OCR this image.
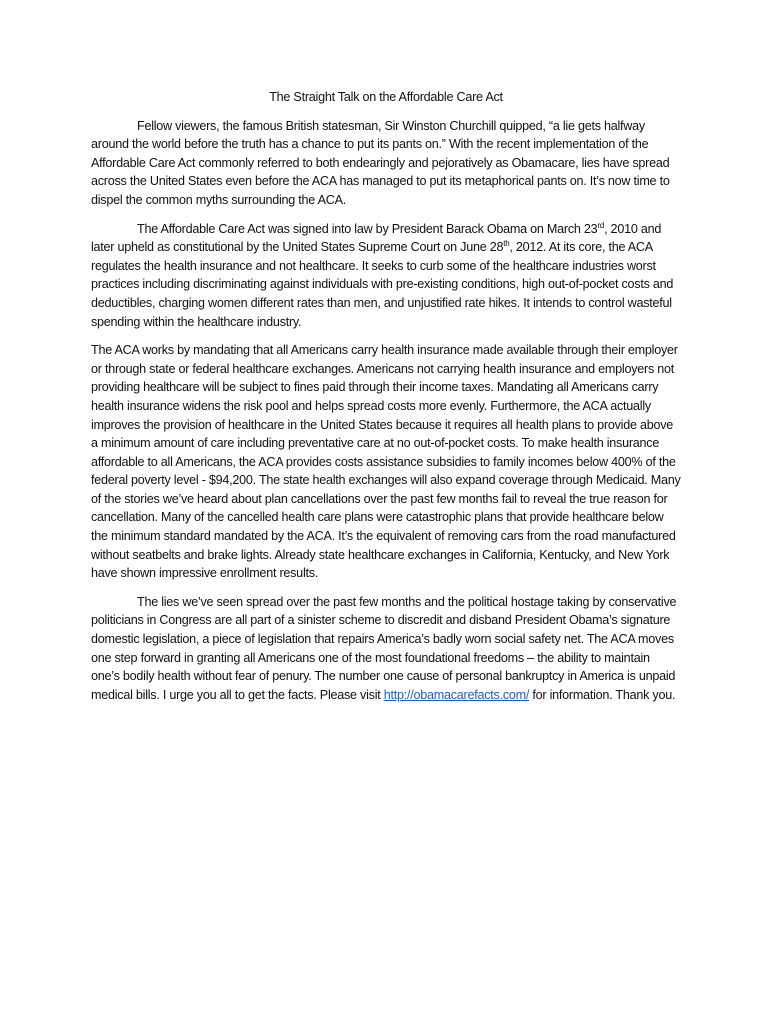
The Straight Talk on the Affordable Care Act

Fellow viewers, the famous British statesman, Sir Winston Churchill quipped, “a lie gets halfway around the world before the truth has a chance to put its pants on.” With the recent implementation of the Affordable Care Act commonly referred to both endearingly and pejoratively as Obamacare, lies have spread across the United States even before the ACA has managed to put its metaphorical pants on. It’s now time to dispel the common myths surrounding the ACA.

The Affordable Care Act was signed into law by President Barack Obama on March 23rd, 2010 and later upheld as constitutional by the United States Supreme Court on June 28th, 2012. At its core, the ACA regulates the health insurance and not healthcare. It seeks to curb some of the healthcare industries worst practices including discriminating against individuals with pre-existing conditions, high out-of-pocket costs and deductibles, charging women different rates than men, and unjustified rate hikes. It intends to control wasteful spending within the healthcare industry.

The ACA works by mandating that all Americans carry health insurance made available through their employer or through state or federal healthcare exchanges. Americans not carrying health insurance and employers not providing healthcare will be subject to fines paid through their income taxes. Mandating all Americans carry health insurance widens the risk pool and helps spread costs more evenly. Furthermore, the ACA actually improves the provision of healthcare in the United States because it requires all health plans to provide above a minimum amount of care including preventative care at no out-of-pocket costs. To make health insurance affordable to all Americans, the ACA provides costs assistance subsidies to family incomes below 400% of the federal poverty level - $94,200. The state health exchanges will also expand coverage through Medicaid. Many of the stories we’ve heard about plan cancellations over the past few months fail to reveal the true reason for cancellation. Many of the cancelled health care plans were catastrophic plans that provide healthcare below the minimum standard mandated by the ACA. It’s the equivalent of removing cars from the road manufactured without seatbelts and brake lights. Already state healthcare exchanges in California, Kentucky, and New York have shown impressive enrollment results.

The lies we’ve seen spread over the past few months and the political hostage taking by conservative politicians in Congress are all part of a sinister scheme to discredit and disband President Obama’s signature domestic legislation, a piece of legislation that repairs America’s badly worn social safety net. The ACA moves one step forward in granting all Americans one of the most foundational freedoms – the ability to maintain one’s bodily health without fear of penury. The number one cause of personal bankruptcy in America is unpaid medical bills. I urge you all to get the facts. Please visit http://obamacarefacts.com/ for information. Thank you.
